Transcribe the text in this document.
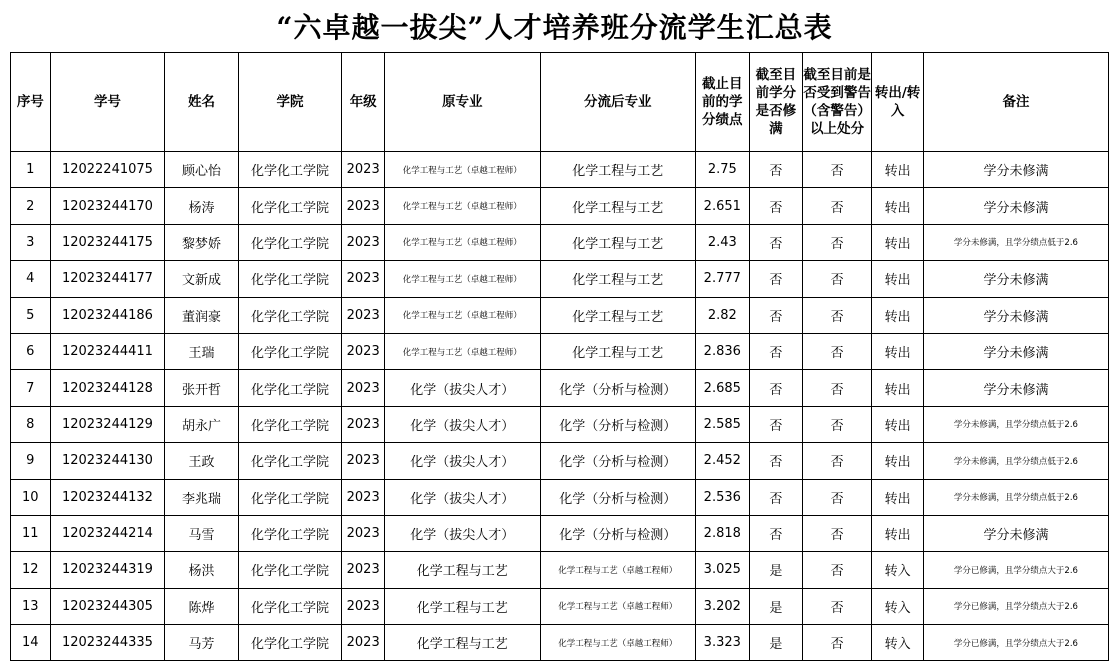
“六卓越一拔尖”人才培养班分流学生汇总表
序号	学号	姓名	学院	年级	原专业	分流后专业	截止目前的学分绩点	截至目前学分是否修满	截至目前是否受到警告（含警告）以上处分	转出/转入	备注
1	12022241075	顾心怡	化学化工学院	2023	化学工程与工艺（卓越工程师）	化学工程与工艺	2.75	否	否	转出	学分未修满
2	12023244170	杨涛	化学化工学院	2023	化学工程与工艺（卓越工程师）	化学工程与工艺	2.651	否	否	转出	学分未修满
3	12023244175	黎梦娇	化学化工学院	2023	化学工程与工艺（卓越工程师）	化学工程与工艺	2.43	否	否	转出	学分未修满，且学分绩点低于2.6
4	12023244177	文新成	化学化工学院	2023	化学工程与工艺（卓越工程师）	化学工程与工艺	2.777	否	否	转出	学分未修满
5	12023244186	董润豪	化学化工学院	2023	化学工程与工艺（卓越工程师）	化学工程与工艺	2.82	否	否	转出	学分未修满
6	12023244411	王瑞	化学化工学院	2023	化学工程与工艺（卓越工程师）	化学工程与工艺	2.836	否	否	转出	学分未修满
7	12023244128	张开哲	化学化工学院	2023	化学（拔尖人才）	化学（分析与检测）	2.685	否	否	转出	学分未修满
8	12023244129	胡永广	化学化工学院	2023	化学（拔尖人才）	化学（分析与检测）	2.585	否	否	转出	学分未修满，且学分绩点低于2.6
9	12023244130	王政	化学化工学院	2023	化学（拔尖人才）	化学（分析与检测）	2.452	否	否	转出	学分未修满，且学分绩点低于2.6
10	12023244132	李兆瑞	化学化工学院	2023	化学（拔尖人才）	化学（分析与检测）	2.536	否	否	转出	学分未修满，且学分绩点低于2.6
11	12023244214	马雪	化学化工学院	2023	化学（拔尖人才）	化学（分析与检测）	2.818	否	否	转出	学分未修满
12	12023244319	杨洪	化学化工学院	2023	化学工程与工艺	化学工程与工艺（卓越工程师）	3.025	是	否	转入	学分已修满，且学分绩点大于2.6
13	12023244305	陈烨	化学化工学院	2023	化学工程与工艺	化学工程与工艺（卓越工程师）	3.202	是	否	转入	学分已修满，且学分绩点大于2.6
14	12023244335	马芳	化学化工学院	2023	化学工程与工艺	化学工程与工艺（卓越工程师）	3.323	是	否	转入	学分已修满，且学分绩点大于2.6
